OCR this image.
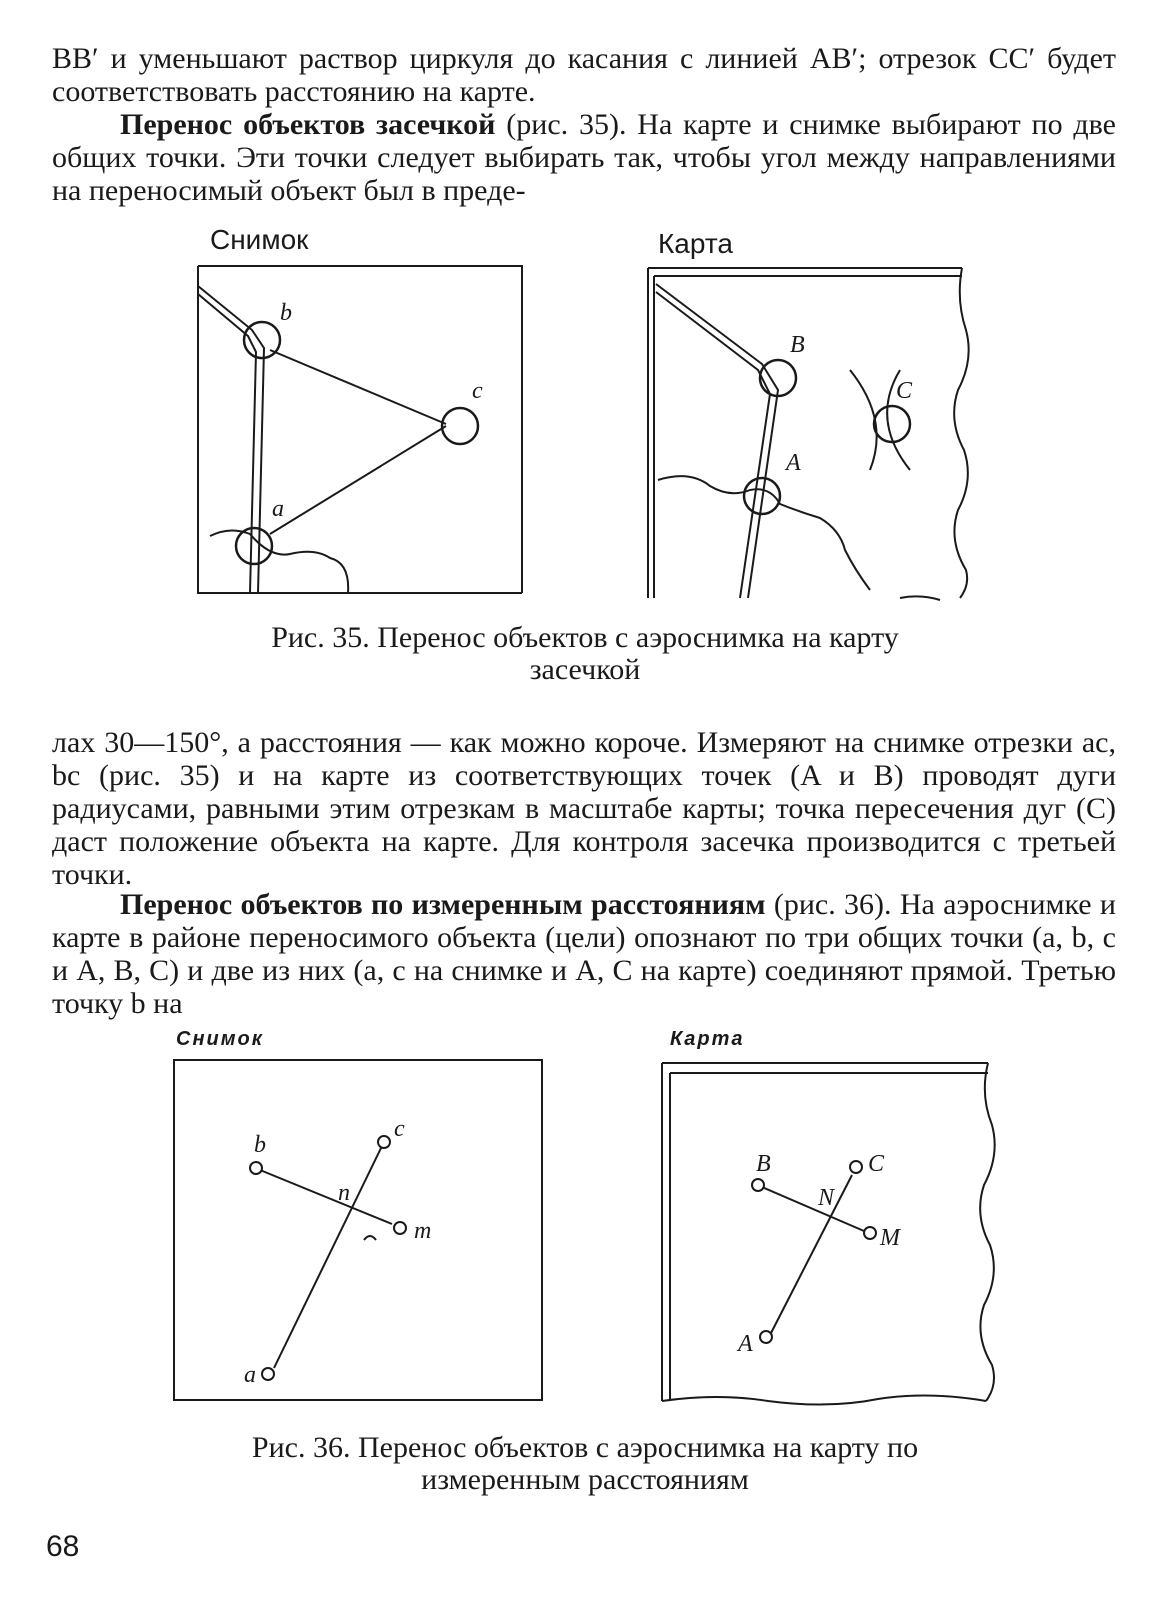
BB′ и уменьшают раствор циркуля до касания с линией AB′; отрезок CC′ будет соответствовать расстоянию на карте.

Перенос объектов засечкой (рис. 35). На карте и снимке выбирают по две общих точки. Эти точки следует выбирать так, чтобы угол между направлениями на переносимый объект был в преде-

Снимок	Карта
b
c
a
B
C
A
Рис. 35. Перенос объектов с аэроснимка на карту
засечкой

лах 30—150°, а расстояния — как можно короче. Измеряют на снимке отрезки ac, bc (рис. 35) и на карте из соответствующих точек (A и B) проводят дуги радиусами, равными этим отрезкам в масштабе карты; точка пересечения дуг (C) даст положение объекта на карте. Для контроля засечка производится с третьей точки.

Перенос объектов по измеренным расстояниям (рис. 36). На аэроснимке и карте в районе переносимого объекта (цели) опознают по три общих точки (a, b, c и A, B, C) и две из них (a, c на снимке и A, C на карте) соединяют прямой. Третью точку b на

Снимок	Карта
b
c
n
m
a
B	C
N
M
A
Рис. 36. Перенос объектов с аэроснимка на карту по
измеренным расстояниям
68
